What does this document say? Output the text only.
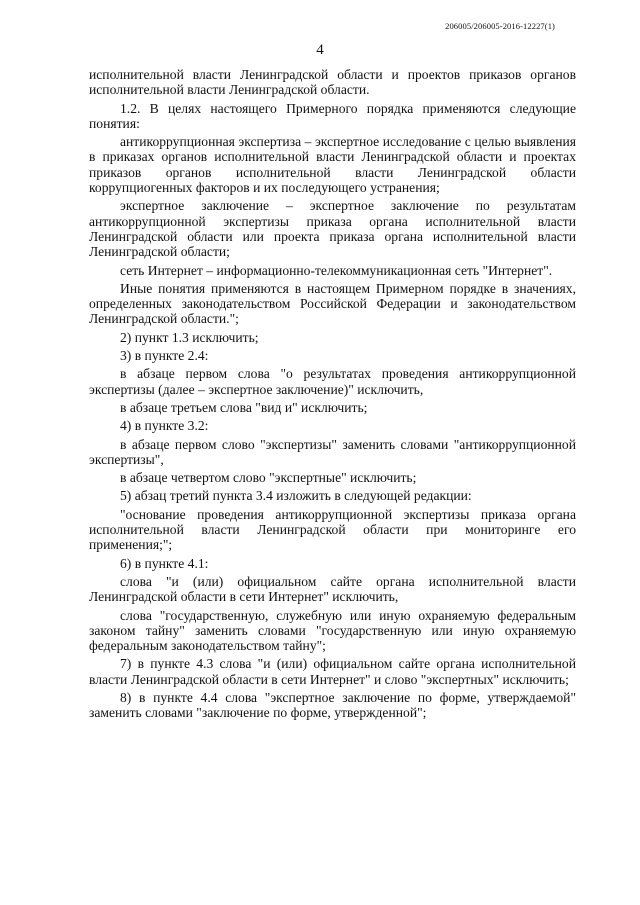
206005/206005-2016-12227(1)
4

исполнительной власти Ленинградской области и проектов приказов органов исполнительной власти Ленинградской области.

1.2. В целях настоящего Примерного порядка применяются следующие понятия:

антикоррупционная экспертиза – экспертное исследование с целью выявления в приказах органов исполнительной власти Ленинградской области и проектах приказов органов исполнительной власти Ленинградской области коррупциогенных факторов и их последующего устранения;

экспертное заключение – экспертное заключение по результатам антикоррупционной экспертизы приказа органа исполнительной власти Ленинградской области или проекта приказа органа исполнительной власти Ленинградской области;

сеть Интернет – информационно-телекоммуникационная сеть "Интернет".

Иные понятия применяются в настоящем Примерном порядке в значениях, определенных законодательством Российской Федерации и законодательством Ленинградской области.";

2) пункт 1.3 исключить;

3) в пункте 2.4:

в абзаце первом слова "о результатах проведения антикоррупционной экспертизы (далее – экспертное заключение)" исключить,

в абзаце третьем слова "вид и" исключить;

4) в пункте 3.2:

в абзаце первом слово "экспертизы" заменить словами "антикоррупционной экспертизы",

в абзаце четвертом слово "экспертные" исключить;

5) абзац третий пункта 3.4 изложить в следующей редакции:

"основание проведения антикоррупционной экспертизы приказа органа исполнительной власти Ленинградской области при мониторинге его применения;";

6) в пункте 4.1:

слова "и (или) официальном сайте органа исполнительной власти Ленинградской области в сети Интернет" исключить,

слова "государственную, служебную или иную охраняемую федеральным законом тайну" заменить словами "государственную или иную охраняемую федеральным законодательством тайну";

7) в пункте 4.3 слова "и (или) официальном сайте органа исполнительной власти Ленинградской области в сети Интернет" и слово "экспертных" исключить;

8) в пункте 4.4 слова "экспертное заключение по форме, утверждаемой" заменить словами "заключение по форме, утвержденной";
